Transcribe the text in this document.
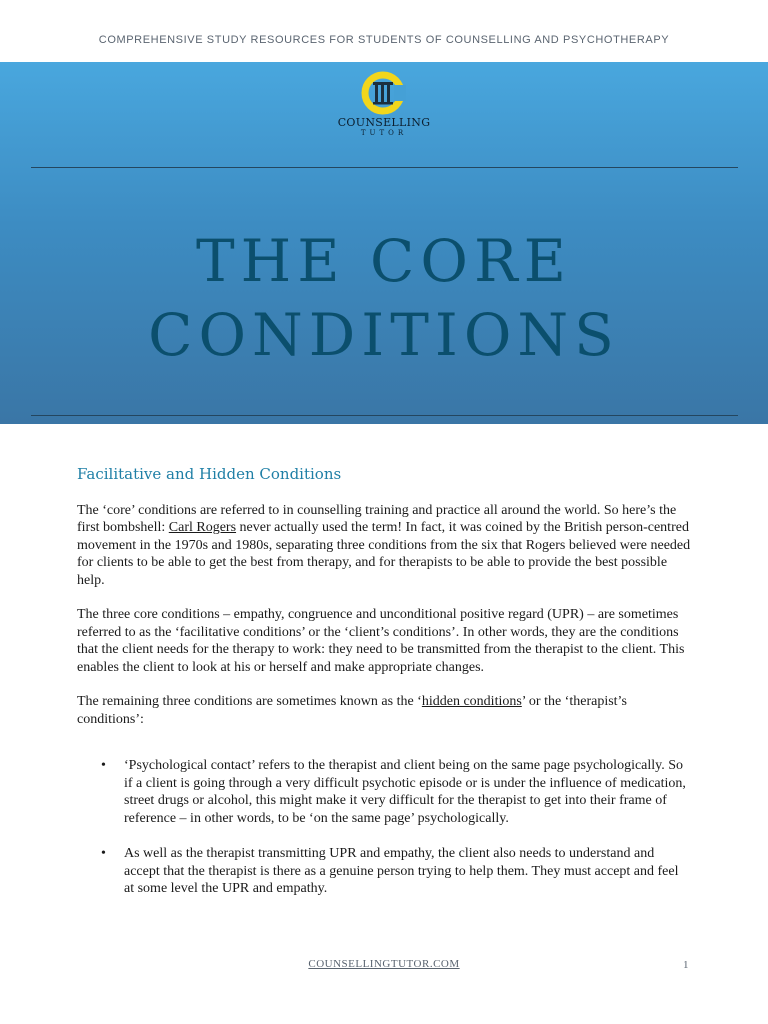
COMPREHENSIVE STUDY RESOURCES FOR STUDENTS OF COUNSELLING AND PSYCHOTHERAPY
COUNSELLING
TUTOR
THE CORE
CONDITIONS
Facilitative and Hidden Conditions

The ‘core’ conditions are referred to in counselling training and practice all around the world. So here’s the first bombshell: Carl Rogers never actually used the term! In fact, it was coined by the British person-centred movement in the 1970s and 1980s, separating three conditions from the six that Rogers believed were needed for clients to be able to get the best from therapy, and for therapists to be able to provide the best possible help.

The three core conditions – empathy, congruence and unconditional positive regard (UPR) – are sometimes referred to as the ‘facilitative conditions’ or the ‘client’s conditions’. In other words, they are the conditions that the client needs for the therapy to work: they need to be transmitted from the therapist to the client. This enables the client to look at his or herself and make appropriate changes.

The remaining three conditions are sometimes known as the ‘hidden conditions’ or the ‘therapist’s conditions’:

• ‘Psychological contact’ refers to the therapist and client being on the same page psychologically. So if a client is going through a very difficult psychotic episode or is under the influence of medication, street drugs or alcohol, this might make it very difficult for the therapist to get into their frame of reference – in other words, to be ‘on the same page’ psychologically.
• As well as the therapist transmitting UPR and empathy, the client also needs to understand and accept that the therapist is there as a genuine person trying to help them. They must accept and feel at some level the UPR and empathy.
COUNSELLINGTUTOR.COM	1
